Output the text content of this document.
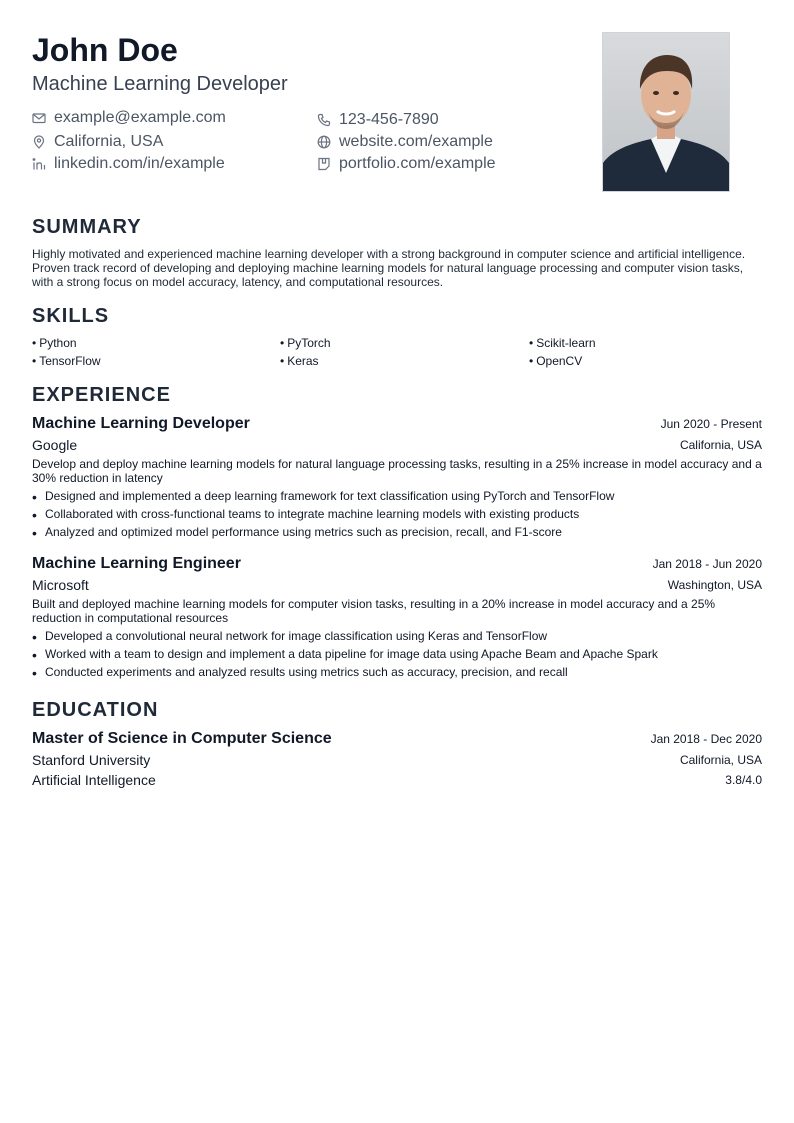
John Doe
Machine Learning Developer
example@example.com	123-456-7890
California, USA	website.com/example
linkedin.com/in/example	portfolio.com/example
SUMMARY
Highly motivated and experienced machine learning developer with a strong background in computer science and artificial intelligence. Proven track record of developing and deploying machine learning models for natural language processing and computer vision tasks, with a strong focus on model accuracy, latency, and computational resources.
SKILLS
• Python	• PyTorch	• Scikit-learn
• TensorFlow	• Keras	• OpenCV
EXPERIENCE
Machine Learning Developer	Jun 2020 - Present
Google	California, USA
Develop and deploy machine learning models for natural language processing tasks, resulting in a 25% increase in model accuracy and a 30% reduction in latency
• Designed and implemented a deep learning framework for text classification using PyTorch and TensorFlow
• Collaborated with cross-functional teams to integrate machine learning models with existing products
• Analyzed and optimized model performance using metrics such as precision, recall, and F1-score
Machine Learning Engineer	Jan 2018 - Jun 2020
Microsoft	Washington, USA
Built and deployed machine learning models for computer vision tasks, resulting in a 20% increase in model accuracy and a 25% reduction in computational resources
• Developed a convolutional neural network for image classification using Keras and TensorFlow
• Worked with a team to design and implement a data pipeline for image data using Apache Beam and Apache Spark
• Conducted experiments and analyzed results using metrics such as accuracy, precision, and recall
EDUCATION
Master of Science in Computer Science	Jan 2018 - Dec 2020
Stanford University	California, USA
Artificial Intelligence	3.8/4.0
